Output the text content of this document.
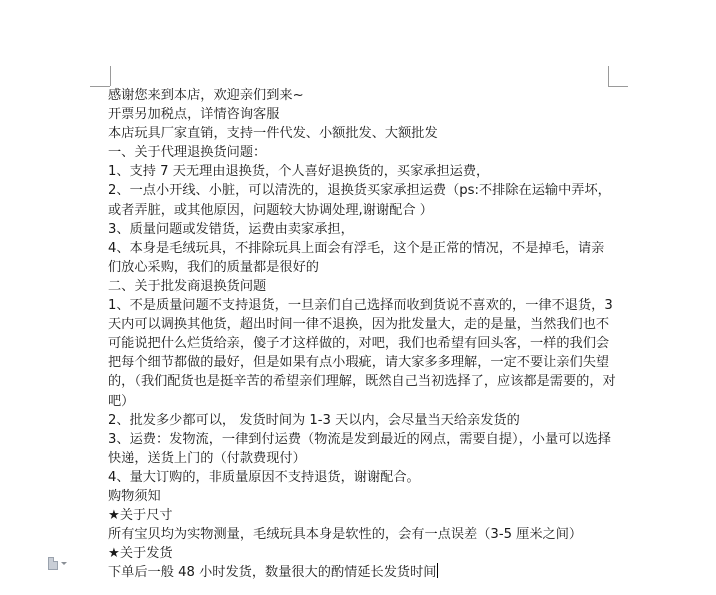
感谢您来到本店，欢迎亲们到来~

开票另加税点，详情咨询客服

本店玩具厂家直销，支持一件代发、小额批发、大额批发

一、关于代理退换货问题：

1、支持 7 天无理由退换货，个人喜好退换货的，买家承担运费，

2、一点小开线、小脏，可以清洗的，退换货买家承担运费（ps:不排除在运输中弄坏，或者弄脏，或其他原因，问题较大协调处理,谢谢配合 ）

3、质量问题或发错货，运费由卖家承担，

4、本身是毛绒玩具，不排除玩具上面会有浮毛，这个是正常的情况，不是掉毛，请亲们放心采购，我们的质量都是很好的

二、关于批发商退换货问题

1、不是质量问题不支持退货，一旦亲们自己选择而收到货说不喜欢的，一律不退货，3 天内可以调换其他货，超出时间一律不退换，因为批发量大，走的是量，当然我们也不可能说把什么烂货给亲，傻子才这样做的，对吧，我们也希望有回头客，一样的我们会把每个细节都做的最好，但是如果有点小瑕疵，请大家多多理解，一定不要让亲们失望的，（我们配货也是挺辛苦的希望亲们理解，既然自己当初选择了，应该都是需要的，对吧）

2、批发多少都可以， 发货时间为 1-3 天以内，会尽量当天给亲发货的

3、运费：发物流，一律到付运费（物流是发到最近的网点，需要自提），小量可以选择快递，送货上门的（付款费现付）

4、量大订购的，非质量原因不支持退货，谢谢配合。

购物须知

★关于尺寸

所有宝贝均为实物测量，毛绒玩具本身是软性的，会有一点误差（3-5 厘米之间）

★关于发货

下单后一般 48 小时发货，数量很大的酌情延长发货时间
